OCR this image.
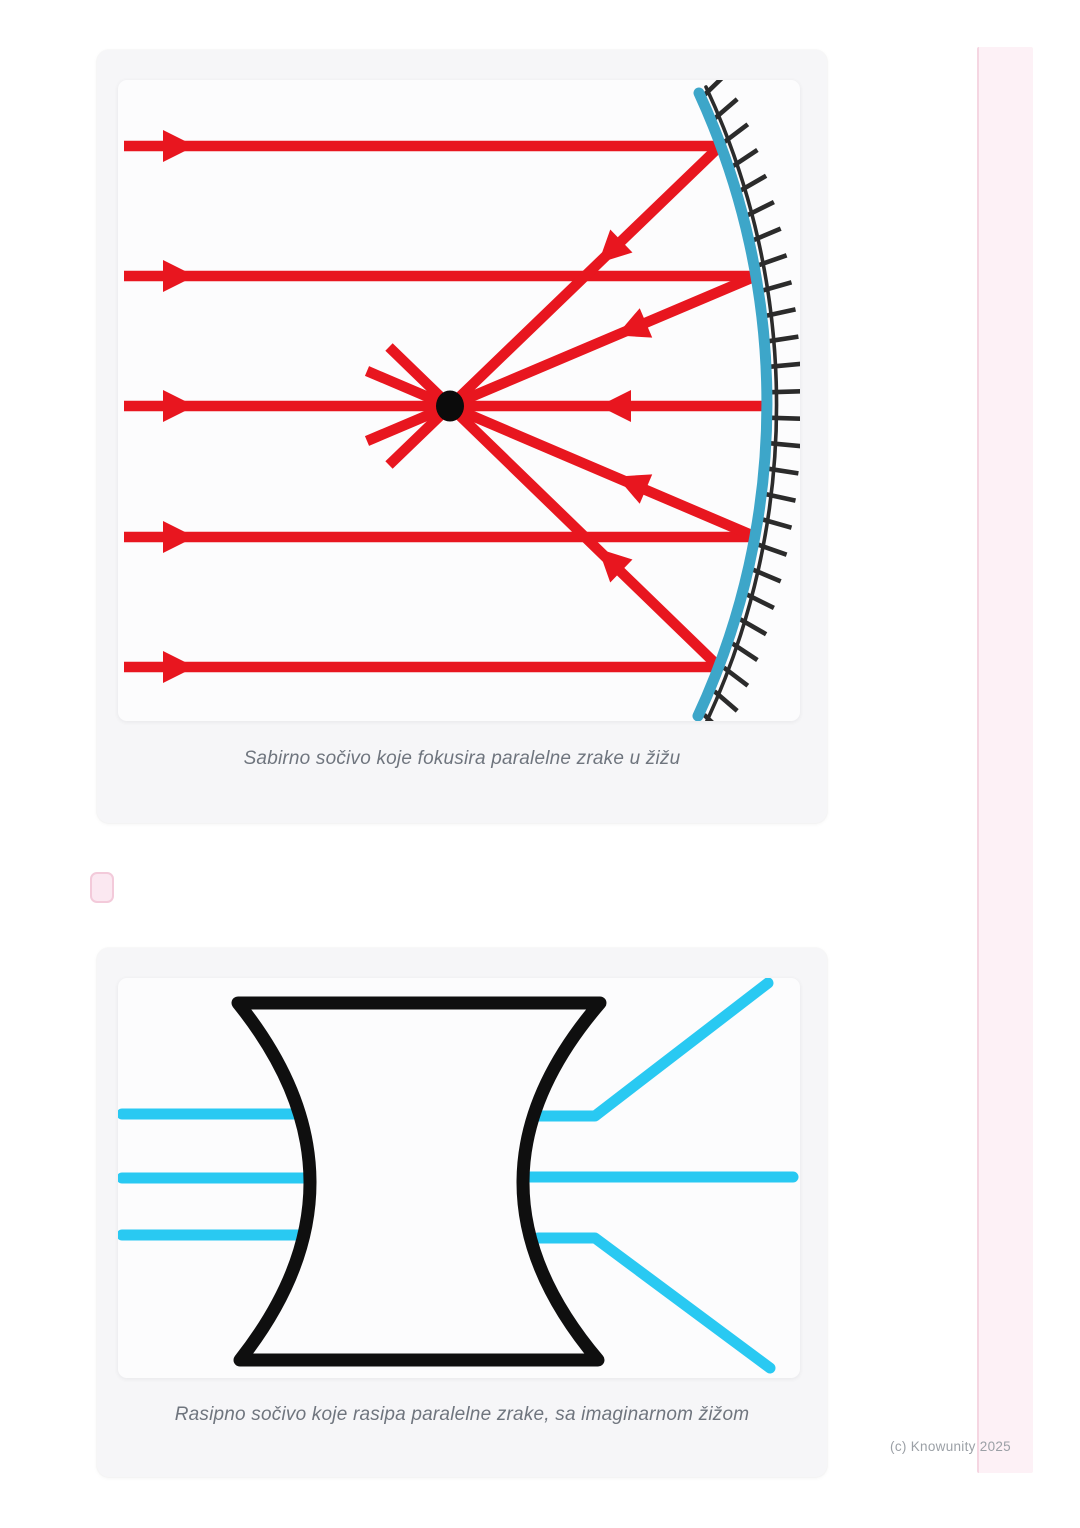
Sabirno sočivo koje fokusira paralelne zrake u žižu
Rasipno sočivo koje rasipa paralelne zrake, sa imaginarnom žižom
(c) Knowunity 2025
